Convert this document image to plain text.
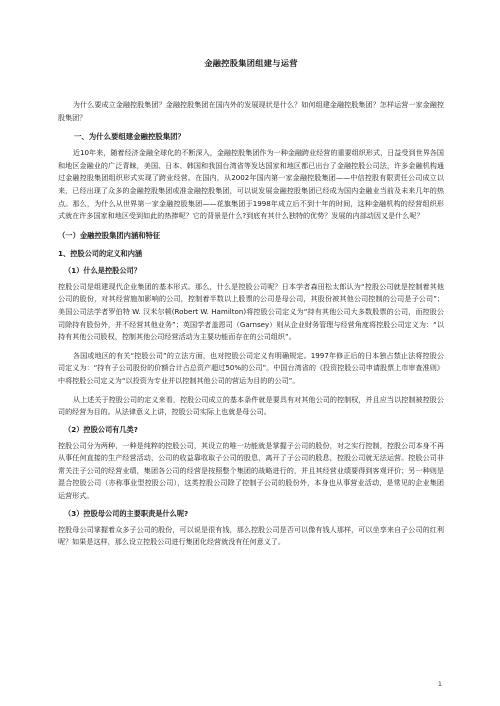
金融控股集团组建与运营

为什么要成立金融控股集团？金融控股集团在国内外的发展现状是什么？如何组建金融控股集团？怎样运营一家金融控股集团？

一、为什么要组建金融控股集团？

近10年来，随着经济金融全球化的不断深入，金融控股集团作为一种金融跨业经营的重要组织形式，日益受到世界各国和地区金融业的广泛青睐，美国、日本、韩国和我国台湾省等发达国家和地区都已出台了金融控股公司法，许多金融机构通过金融控股集团组织形式实现了跨业经营。在国内，从2002年国内第一家金融控股集团——中信控股有限责任公司成立以来，已经出现了众多的金融控股集团或准金融控股集团，可以说发展金融控股集团已经成为国内金融业当前及未来几年的热点。那么，为什么从世界第一家金融控股集团——花旗集团于1998年成立后不到十年的时间，这种金融机构的经营组织形式就在许多国家和地区受到如此的热捧呢？它的背景是什么?到底有其什么独特的优势？发展的内部动因又是什么呢？

（一）金融控股集团内涵和特征
1、控股公司的定义和内涵
（1）什么是控股公司？

控股公司是组建现代企业集团的基本形式。那么，什么是控股公司呢？日本学者森田松太郎认为“控股公司就是控制着其他公司的股份，对其经营施加影响的公司，控制着半数以上股票的公司是母公司，其股份被其他公司控制的公司是子公司”；美国公司法学者罗伯特 W. 汉米尔顿(Robert W. Hamilton)将控股公司定义为“持有其他公司大多数股票的公司，而控股公司除持有股份外，并不经营其他业务”；英国学者盖恩司（Garnsey）则从企业财务管理与经营角度将控股公司定义为：“以持有其他公司股权，控制其他公司经营活动为主要功能而存在的公司组织”。

各国或地区的有关“控股公司”的立法方面，也对控股公司定义有明确规定。1997年修正后的日本独占禁止法将控股公司定义为：“持有子公司股份的价额合计占总资产超过50%的公司”。中国台湾省的《投资控股公司申请股票上市审查准则》中将控股公司定义为“以投资为专业并以控制其他公司的营运为目的的公司”。

从上述关于控股公司的定义来看，控股公司成立的基本条件就是要具有对其他公司的控制权，并且应当以控制被控股公司的经营为目的。从法律意义上讲，控股公司实际上也就是母公司。

（2）控股公司有几类?

控股公司分为两种，一种是纯粹的控股公司，其设立的唯一功能就是掌握子公司的股份，对之实行控制，控股公司本身不再从事任何直接的生产经营活动，公司的收益靠收取子公司的股息，离开了子公司的股息，控股公司就无法运营。控股公司非常关注子公司的经营业绩，集团各公司的经营是按照整个集团的战略进行的，并且其经营业绩要得到客观评价；另一种则是混合控股公司（亦称事业型控股公司），这类控股公司除了控制子公司的股份外，本身也从事营业活动，是常见的企业集团运营形式。

（3）控股母公司的主要职责是什么呢?

控股母公司掌握着众多子公司的股份，可以说是很有钱，那么控股公司是否可以像有钱人那样，可以坐享来自子公司的红利呢？如果是这样，那么设立控股公司进行集团化经营就没有任何意义了。

1
